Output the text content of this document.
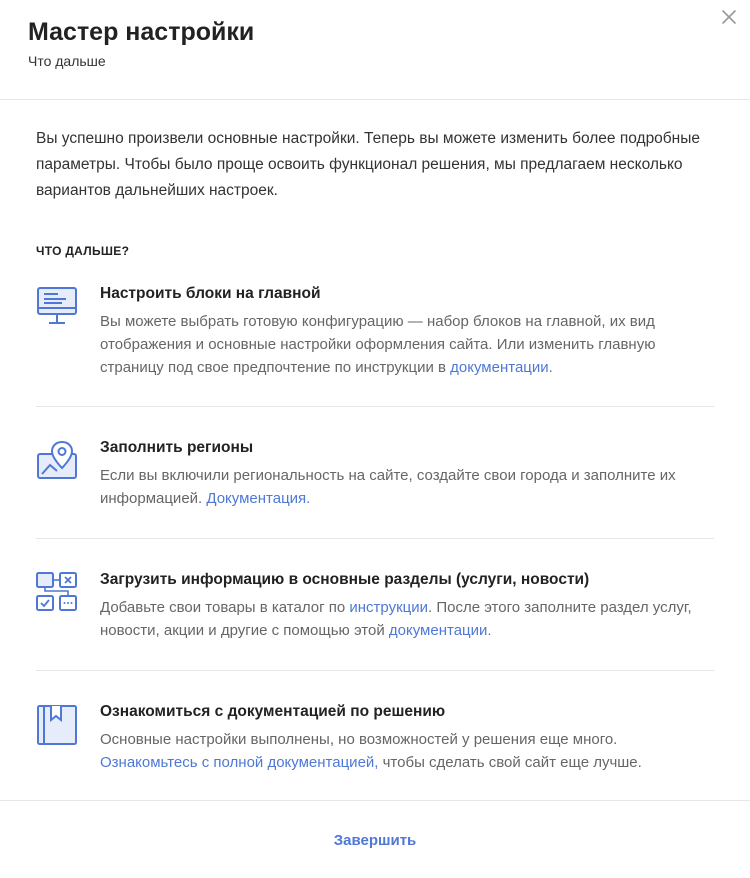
Мастер настройки
Что дальше

Вы успешно произвели основные настройки. Теперь вы можете изменить более подробные параметры. Чтобы было проще освоить функционал решения, мы предлагаем несколько вариантов дальнейших настроек.

ЧТО ДАЛЬШЕ?
Настроить блоки на главной
Вы можете выбрать готовую конфигурацию — набор блоков на главной, их вид отображения и основные настройки оформления сайта. Или изменить главную страницу под свое предпочтение по инструкции в документации.
Заполнить регионы
Если вы включили региональность на сайте, создайте свои города и заполните их информацией. Документация.
Загрузить информацию в основные разделы (услуги, новости)
Добавьте свои товары в каталог по инструкции. После этого заполните раздел услуг, новости, акции и другие с помощью этой документации.
Ознакомиться с документацией по решению
Основные настройки выполнены, но возможностей у решения еще много. Ознакомьтесь с полной документацией, чтобы сделать свой сайт еще лучше.
Завершить
